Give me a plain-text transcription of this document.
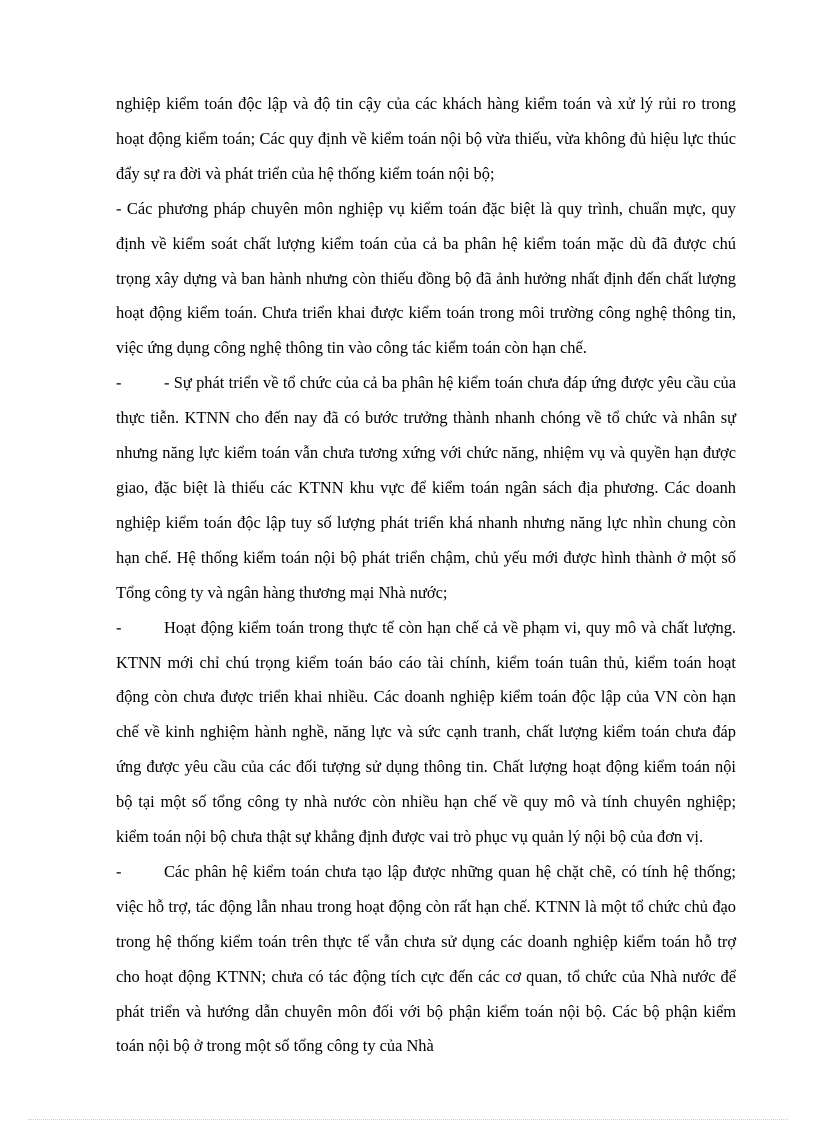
nghiệp kiểm toán độc lập và độ tin cậy của các khách hàng kiểm toán và xử lý rủi ro trong hoạt động kiểm toán; Các quy định về kiểm toán nội bộ vừa thiếu, vừa không đủ hiệu lực thúc đẩy sự ra đời và phát triển của hệ thống kiểm toán nội bộ;

- Các phương pháp chuyên môn nghiệp vụ kiểm toán đặc biệt là quy trình, chuẩn mực, quy định về kiểm soát chất lượng kiểm toán của cả ba phân hệ kiểm toán mặc dù đã được chú trọng xây dựng và ban hành nhưng còn thiếu đồng bộ đã ảnh hưởng nhất định đến chất lượng hoạt động kiểm toán. Chưa triển khai được kiểm toán trong môi trường công nghệ thông tin, việc ứng dụng công nghệ thông tin vào công tác kiểm toán còn hạn chế.

-	- Sự phát triển về tổ chức của cả ba phân hệ kiểm toán chưa đáp ứng được yêu cầu của thực tiễn. KTNN cho đến nay đã có bước trưởng thành nhanh chóng về tổ chức và nhân sự nhưng năng lực kiểm toán vẫn chưa tương xứng với chức năng, nhiệm vụ và quyền hạn được giao, đặc biệt là thiếu các KTNN khu vực để kiểm toán ngân sách địa phương. Các doanh nghiệp kiểm toán độc lập tuy số lượng phát triển khá nhanh nhưng năng lực nhìn chung còn hạn chế. Hệ thống kiểm toán nội bộ phát triển chậm, chủ yếu mới được hình thành ở một số Tổng công ty và ngân hàng thương mại Nhà nước;

-	Hoạt động kiểm toán trong thực tế còn hạn chế cả về phạm vi, quy mô và chất lượng. KTNN mới chỉ chú trọng kiểm toán báo cáo tài chính, kiểm toán tuân thủ, kiểm toán hoạt động còn chưa được triển khai nhiều. Các doanh nghiệp kiểm toán độc lập của VN còn hạn chế về kinh nghiệm hành nghề, năng lực và sức cạnh tranh, chất lượng kiểm toán chưa đáp ứng được yêu cầu của các đối tượng sử dụng thông tin. Chất lượng hoạt động kiểm toán nội bộ tại một số tổng công ty nhà nước còn nhiều hạn chế về quy mô và tính chuyên nghiệp; kiểm toán nội bộ chưa thật sự khẳng định được vai trò phục vụ quản lý nội bộ của đơn vị.

-	Các phân hệ kiểm toán chưa tạo lập được những quan hệ chặt chẽ, có tính hệ thống; việc hỗ trợ, tác động lẫn nhau trong hoạt động còn rất hạn chế. KTNN là một tổ chức chủ đạo trong hệ thống kiểm toán trên thực tế vẫn chưa sử dụng các doanh nghiệp kiểm toán hỗ trợ cho hoạt động KTNN; chưa có tác động tích cực đến các cơ quan, tổ chức của Nhà nước để phát triển và hướng dẫn chuyên môn đối với bộ phận kiểm toán nội bộ. Các bộ phận kiểm toán nội bộ ở trong một số tổng công ty của Nhà
